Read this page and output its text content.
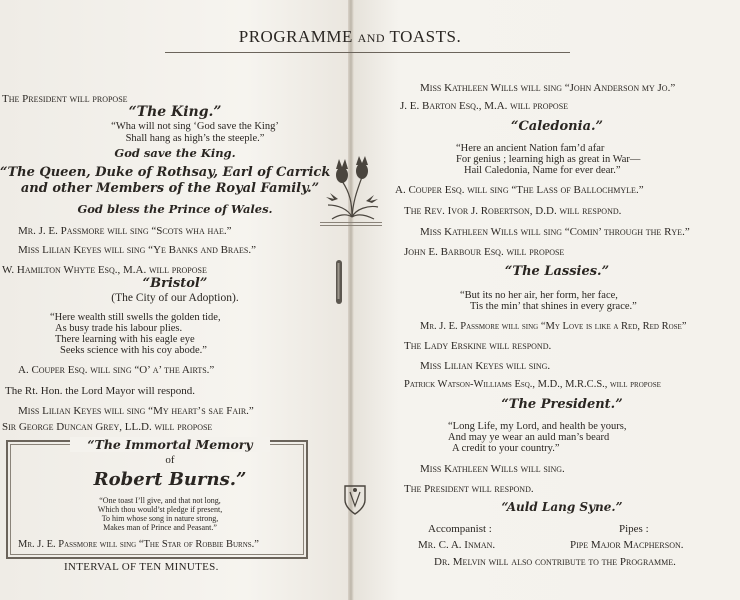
The President will propose
“The King.”
“Wha will not sing ‘God save the King’
Shall hang as high’s the steeple.”
God save the King.
“The Queen, Duke of Rothsay, Earl of Carrick
and other Members of the Royal Family.”
God bless the Prince of Wales.
Mr. J. E. Passmore will sing “Scots wha hae.”
Miss Lilian Keyes will sing “Ye Banks and Braes.”
W. Hamilton Whyte Esq., M.A. will propose
“Bristol”
(The City of our Adoption).
“Here wealth still swells the golden tide,
As busy trade his labour plies.
There learning with his eagle eye
Seeks science with his coy abode.”
A. Couper Esq. will sing “O’ a’ the Airts.”
The Rt. Hon. the Lord Mayor will respond.
Miss Lilian Keyes will sing “My heart’s sae Fair.”
Sir George Duncan Grey, LL.D. will propose
“The Immortal Memory
of
Robert Burns.”
“One toast I’ll give, and that not long,
Which thou would’st pledge if present,
To him whose song in nature strong,
Makes man of Prince and Peasant.”
Mr. J. E. Passmore will sing “The Star of Robbie Burns.”
INTERVAL OF TEN MINUTES.
Miss Kathleen Wills will sing “John Anderson my Jo.”
J. E. Barton Esq., M.A. will propose
“Caledonia.”
“Here an ancient Nation fam’d afar
For genius ; learning high as great in War—
Hail Caledonia, Name for ever dear.”
A. Couper Esq. will sing “The Lass of Ballochmyle.”
The Rev. Ivor J. Robertson, D.D. will respond.
Miss Kathleen Wills will sing “Comin’ through the Rye.”
John E. Barbour Esq. will propose
“The Lassies.”
“But its no her air, her form, her face,
Tis the min’ that shines in every grace.”
Mr. J. E. Passmore will sing “My Love is like a Red, Red Rose”
The Lady Erskine will respond.
Miss Lilian Keyes will sing.
Patrick Watson-Williams Esq., M.D., M.R.C.S., will propose
“The President.”
“Long Life, my Lord, and health be yours,
And may ye wear an auld man’s beard
A credit to your country.”
Miss Kathleen Wills will sing.
The President will respond.
“Auld Lang Syne.”
Accompanist :
Mr. C. A. Inman.
Pipes :
Pipe Major Macpherson.
Dr. Melvin will also contribute to the Programme.
PROGRAMME and TOASTS.
